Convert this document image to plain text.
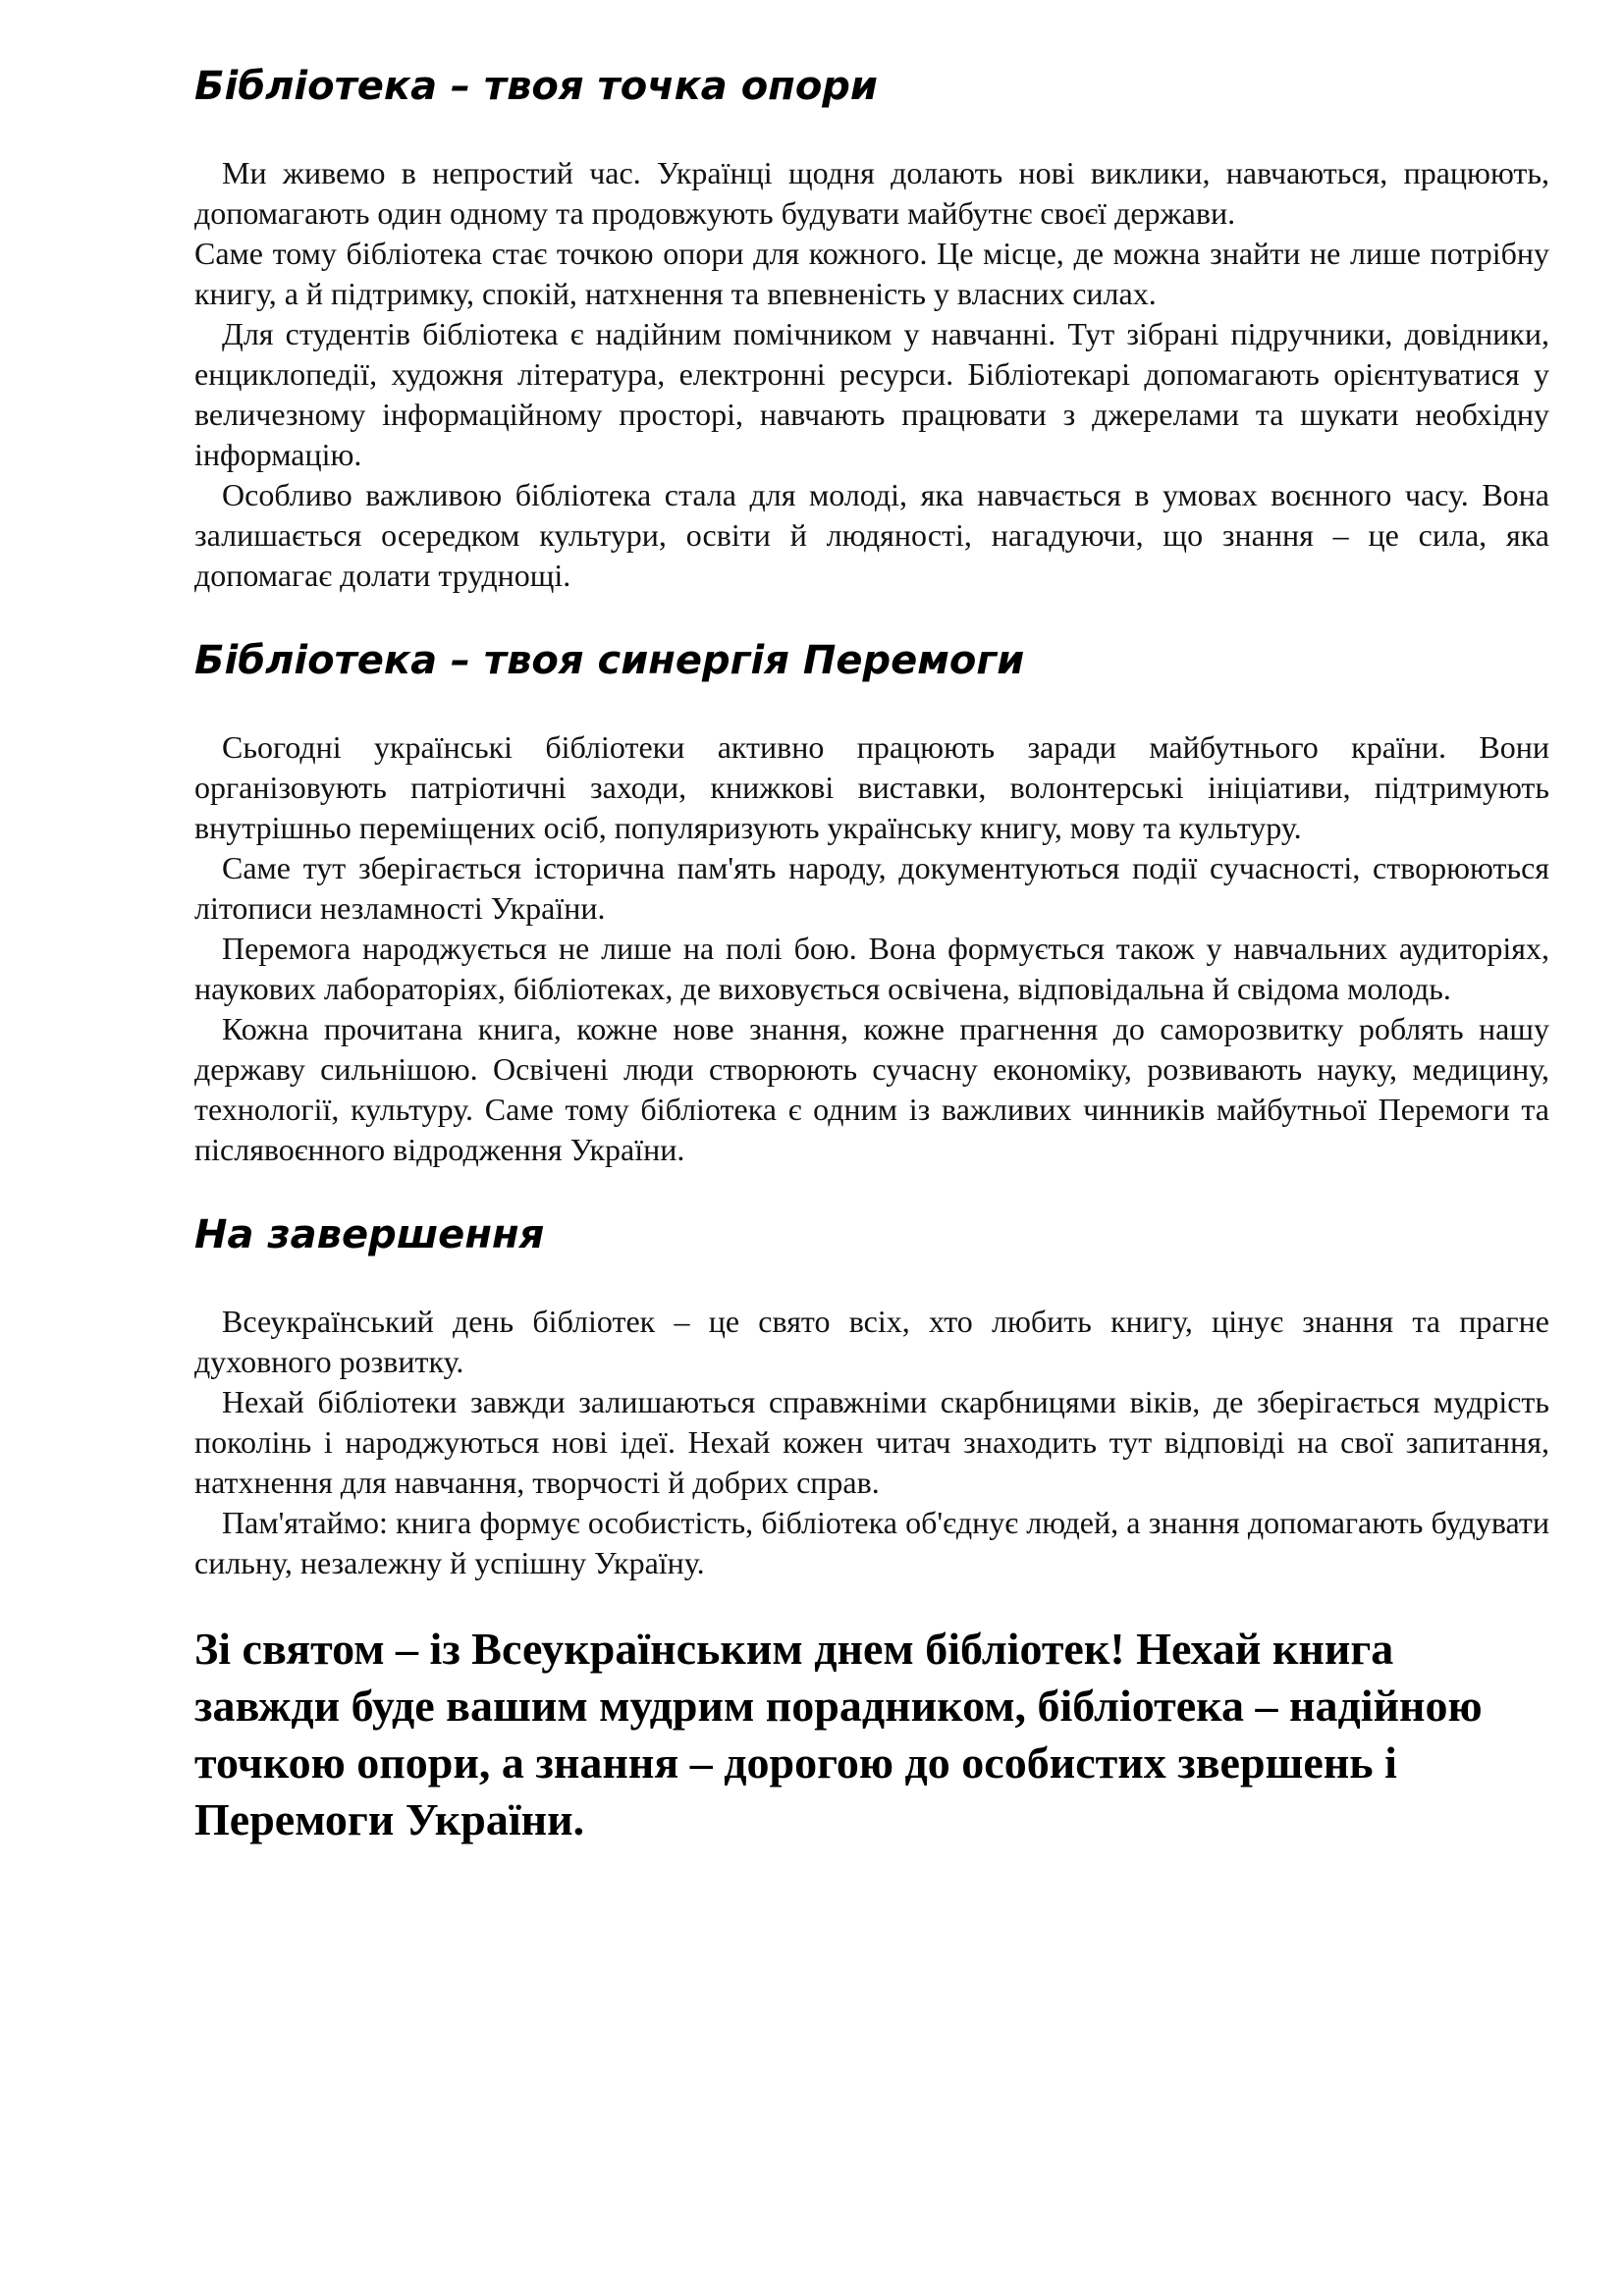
Бібліотека – твоя точка опори

Ми живемо в непростий час. Українці щодня долають нові виклики, навчаються, працюють, допомагають один одному та продовжують будувати майбутнє своєї держави.

Саме тому бібліотека стає точкою опори для кожного. Це місце, де можна знайти не лише потрібну книгу, а й підтримку, спокій, натхнення та впевненість у власних силах.

Для студентів бібліотека є надійним помічником у навчанні. Тут зібрані підручники, довідники, енциклопедії, художня література, електронні ресурси. Бібліотекарі допомагають орієнтуватися у величезному інформаційному просторі, навчають працювати з джерелами та шукати необхідну інформацію.

Особливо важливою бібліотека стала для молоді, яка навчається в умовах воєнного часу. Вона залишається осередком культури, освіти й людяності, нагадуючи, що знання – це сила, яка допомагає долати труднощі.

Бібліотека – твоя синергія Перемоги

Сьогодні українські бібліотеки активно працюють заради майбутнього країни. Вони організовують патріотичні заходи, книжкові виставки, волонтерські ініціативи, підтримують внутрішньо переміщених осіб, популяризують українську книгу, мову та культуру.

Саме тут зберігається історична пам'ять народу, документуються події сучасності, створюються літописи незламності України.

Перемога народжується не лише на полі бою. Вона формується також у навчальних аудиторіях, наукових лабораторіях, бібліотеках, де виховується освічена, відповідальна й свідома молодь.

Кожна прочитана книга, кожне нове знання, кожне прагнення до саморозвитку роблять нашу державу сильнішою. Освічені люди створюють сучасну економіку, розвивають науку, медицину, технології, культуру. Саме тому бібліотека є одним із важливих чинників майбутньої Перемоги та післявоєнного відродження України.

На завершення

Всеукраїнський день бібліотек – це свято всіх, хто любить книгу, цінує знання та прагне духовного розвитку.

Нехай бібліотеки завжди залишаються справжніми скарбницями віків, де зберігається мудрість поколінь і народжуються нові ідеї. Нехай кожен читач знаходить тут відповіді на свої запитання, натхнення для навчання, творчості й добрих справ.

Пам'ятаймо: книга формує особистість, бібліотека об'єднує людей, а знання допомагають будувати сильну, незалежну й успішну Україну.

Зі святом – із Всеукраїнським днем бібліотек! Нехай книга завжди буде вашим мудрим порадником, бібліотека – надійною точкою опори, а знання – дорогою до особистих звершень і Перемоги України.
